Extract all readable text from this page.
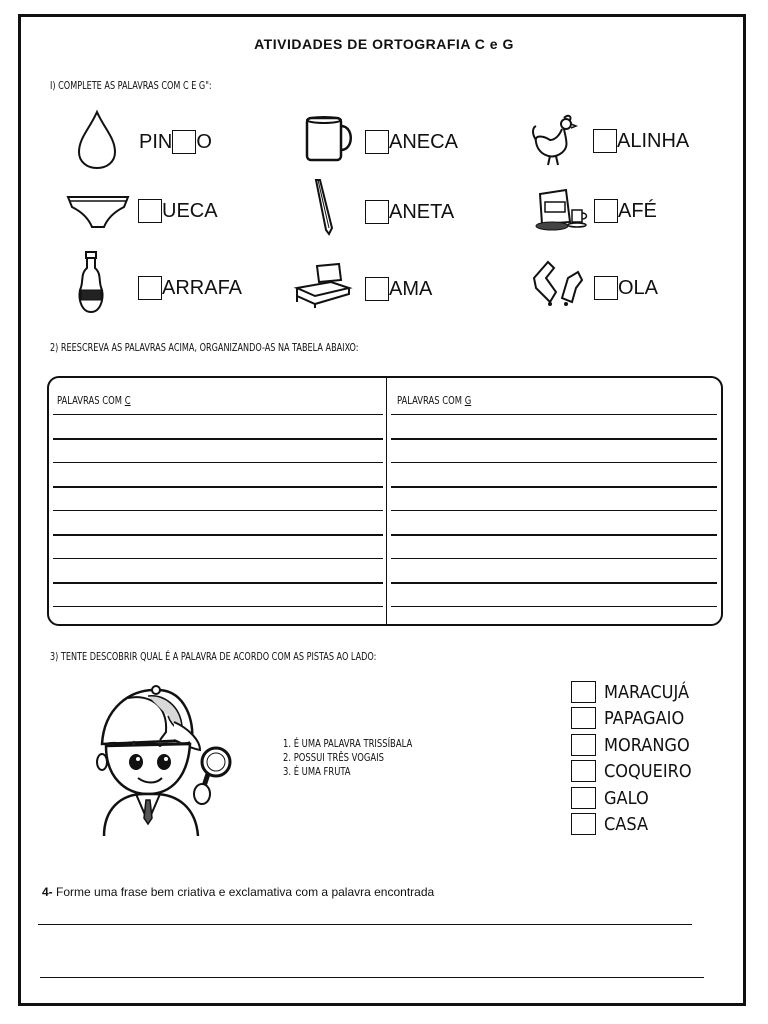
ATIVIDADES DE ORTOGRAFIA C e G
I) COMPLETE AS PALAVRAS COM C E G":
PIN O	ANECA	ALINHA
UECA	ANETA	AFÉ
ARRAFA	AMA	OLA
2) REESCREVA AS PALAVRAS ACIMA, ORGANIZANDO-AS NA TABELA ABAIXO:
PALAVRAS COM C	PALAVRAS COM G
3) TENTE DESCOBRIR QUAL É A PALAVRA DE ACORDO COM AS PISTAS AO LADO:
1. É UMA PALAVRA TRISSÍBALA
2. POSSUI TRÊS VOGAIS
3. É UMA FRUTA
MARACUJÁ
PAPAGAIO
MORANGO
COQUEIRO
GALO
CASA
4- Forme uma frase bem criativa e exclamativa com a palavra encontrada
